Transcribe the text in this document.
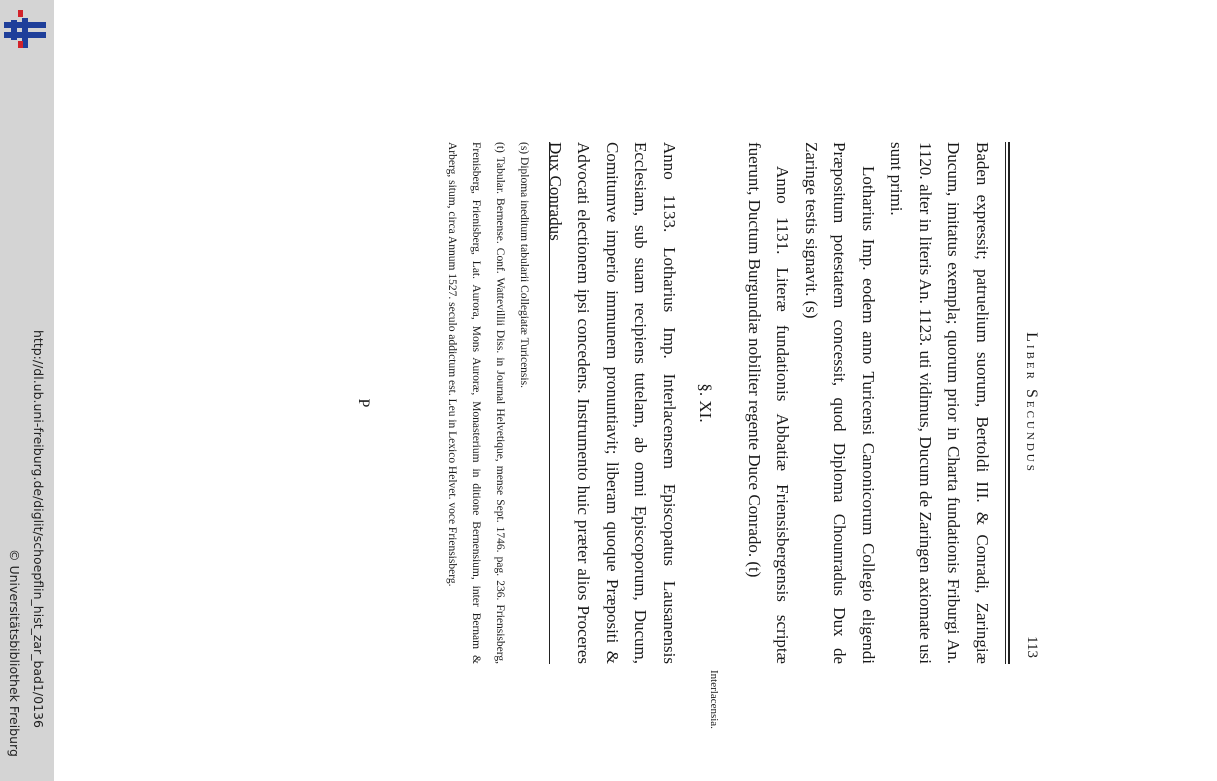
http://dl.ub.uni-freiburg.de/diglit/schoepflin_hist_zar_bad1/0136
© Universitätsbibliothek Freiburg
Liber Secundus
113

Baden expressit; patruelium suorum, Bertoldi III. & Conradi, Zaringiæ Ducum, imitatus exempla; quorum prior in Charta fundationis Friburgi An. 1120. alter in literis An. 1123. uti vidimus, Ducum de Zaringen axiomate usi sunt primi.

Lotharius Imp. eodem anno Turicensi Canonicorum Collegio eligendi Præpositum potestatem concessit, quod Diploma Chounradus Dux de Zaringe testis signavit. (s)

Anno 1131. Literæ fundationis Abbatiæ Friensisbergensis scriptæ fuerunt, Ductum Burgundiæ nobiliter regente Duce Conrado. (t)

§. XI.

Anno 1133. Lotharius Imp. Interlacensem Episcopatus Lausanensis Ecclesiam, sub suam recipiens tutelam, ab omni Episcoporum, Ducum, Comitumve imperio immunem pronuntiavit; liberam quoque Præpositi & Advocati electionem ipsi concedens. Instrumento huic præter alios Proceres Dux Conradus

Interlacensia.

(s) Diploma ineditum tabularii Collegiatæ Turicensis.

(t) Tabular. Bernense. Conf. Wattevillii Diss. in Journal Helvetique, mense Sept. 1746. pag. 236. Friensisberg, Frenisberg, Frienisberg, Lat. Aurora, Mons Auroræ, Monasterium in ditione Bernensium, inter Bernam & Arberg, situm, circa Annum 1527. seculo addictum est. Leu in Lexico Helvet. voce Friensisberg.

P
